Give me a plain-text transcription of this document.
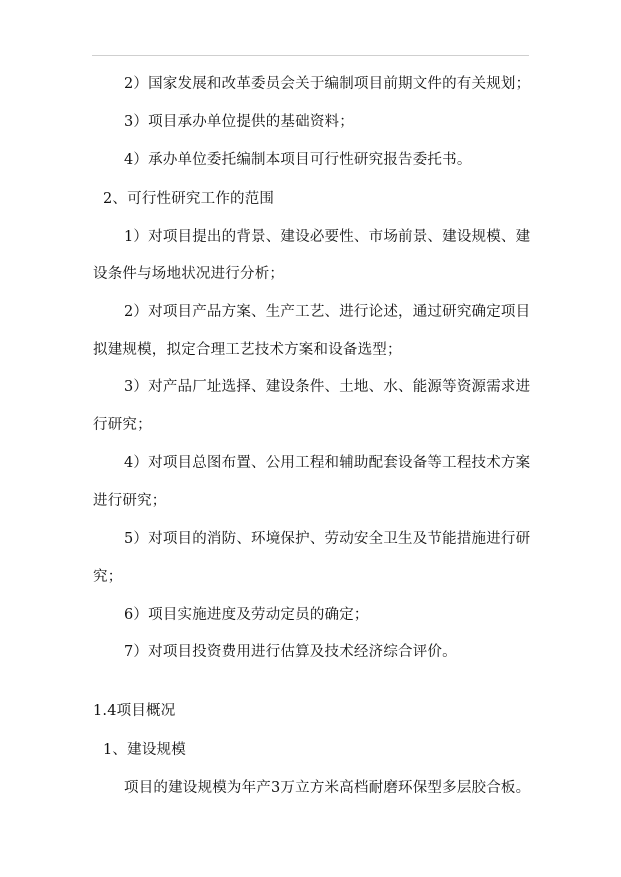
2）国家发展和改革委员会关于编制项目前期文件的有关规划；
3）项目承办单位提供的基础资料；
4）承办单位委托编制本项目可行性研究报告委托书。
2、可行性研究工作的范围
1）对项目提出的背景、建设必要性、市场前景、建设规模、建
设条件与场地状况进行分析；
2）对项目产品方案、生产工艺、进行论述，通过研究确定项目
拟建规模，拟定合理工艺技术方案和设备选型；
3）对产品厂址选择、建设条件、土地、水、能源等资源需求进
行研究；
4）对项目总图布置、公用工程和辅助配套设备等工程技术方案
进行研究；
5）对项目的消防、环境保护、劳动安全卫生及节能措施进行研
究；
6）项目实施进度及劳动定员的确定；
7）对项目投资费用进行估算及技术经济综合评价。
1.4项目概况
1、建设规模
项目的建设规模为年产3万立方米高档耐磨环保型多层胶合板。
